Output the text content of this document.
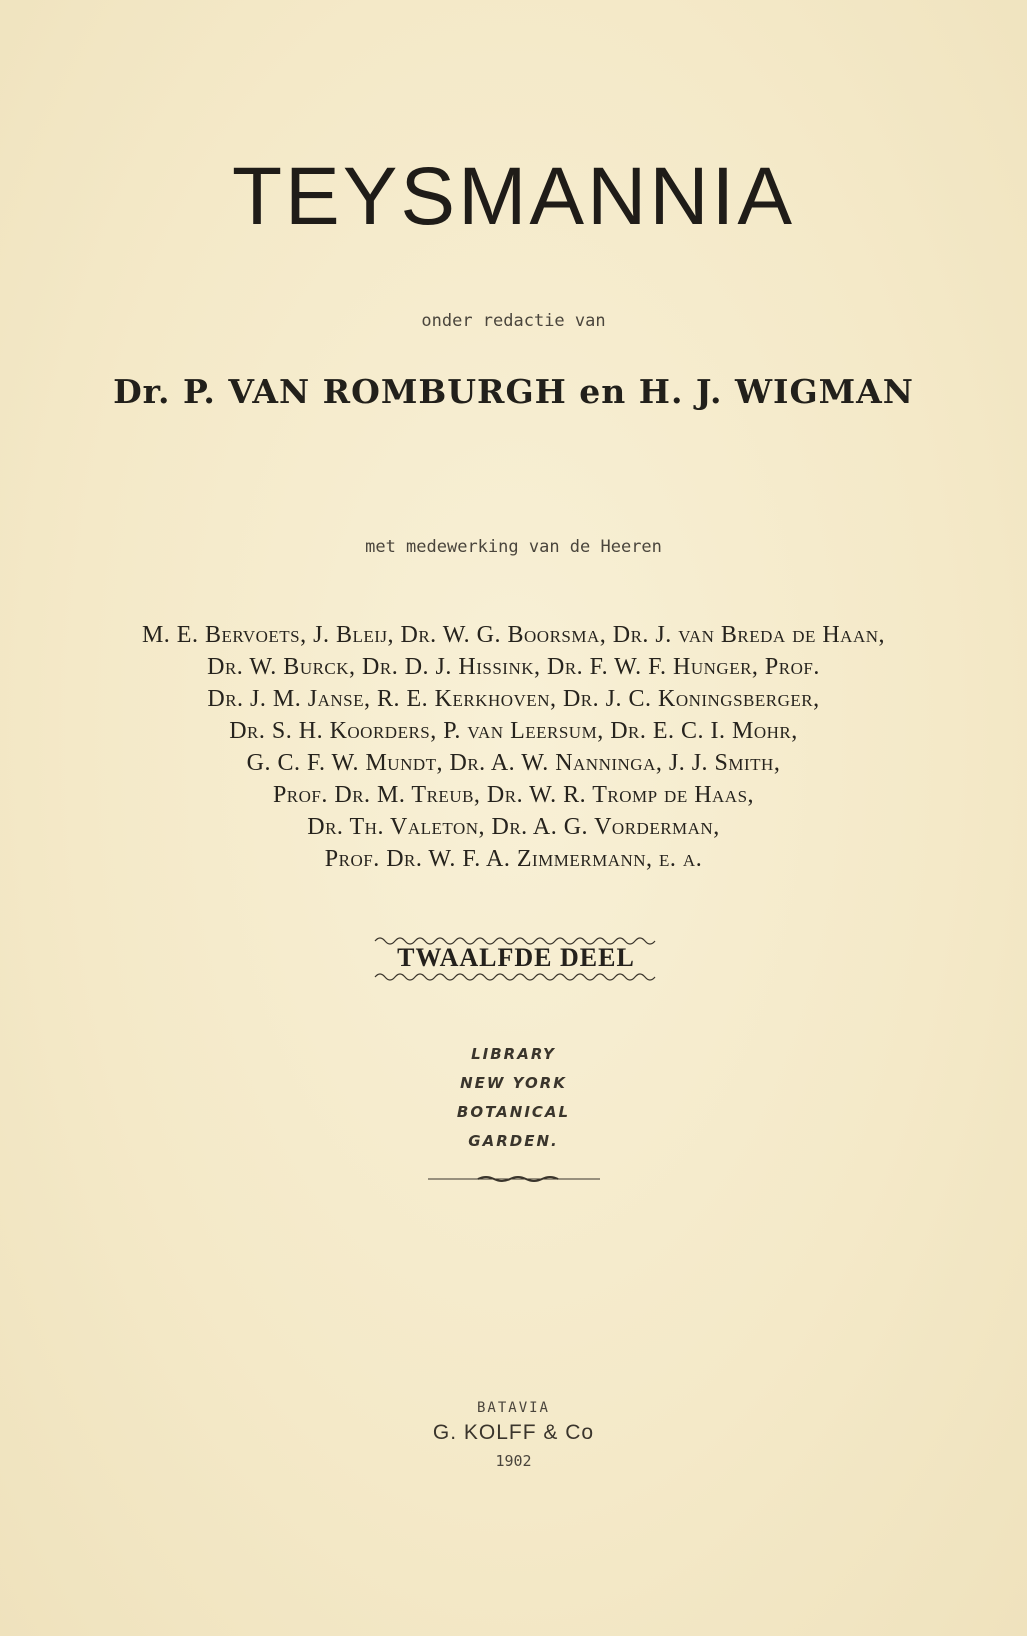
TEYSMANNIA
onder redactie van
Dr. P. VAN ROMBURGH en H. J. WIGMAN
met medewerking van de Heeren
M. E. Bervoets, J. Bleij, Dr. W. G. Boorsma, Dr. J. van Breda de Haan,
Dr. W. Burck, Dr. D. J. Hissink, Dr. F. W. F. Hunger, Prof.
Dr. J. M. Janse, R. E. Kerkhoven, Dr. J. C. Koningsberger,
Dr. S. H. Koorders, P. van Leersum, Dr. E. C. I. Mohr,
G. C. F. W. Mundt, Dr. A. W. Nanninga, J. J. Smith,
Prof. Dr. M. Treub, Dr. W. R. Tromp de Haas,
Dr. Th. Valeton, Dr. A. G. Vorderman,
Prof. Dr. W. F. A. Zimmermann, e. a.
TWAALFDE DEEL
LIBRARY
NEW YORK
BOTANICAL
GARDEN.
BATAVIA
G. KOLFF & Co
1902
